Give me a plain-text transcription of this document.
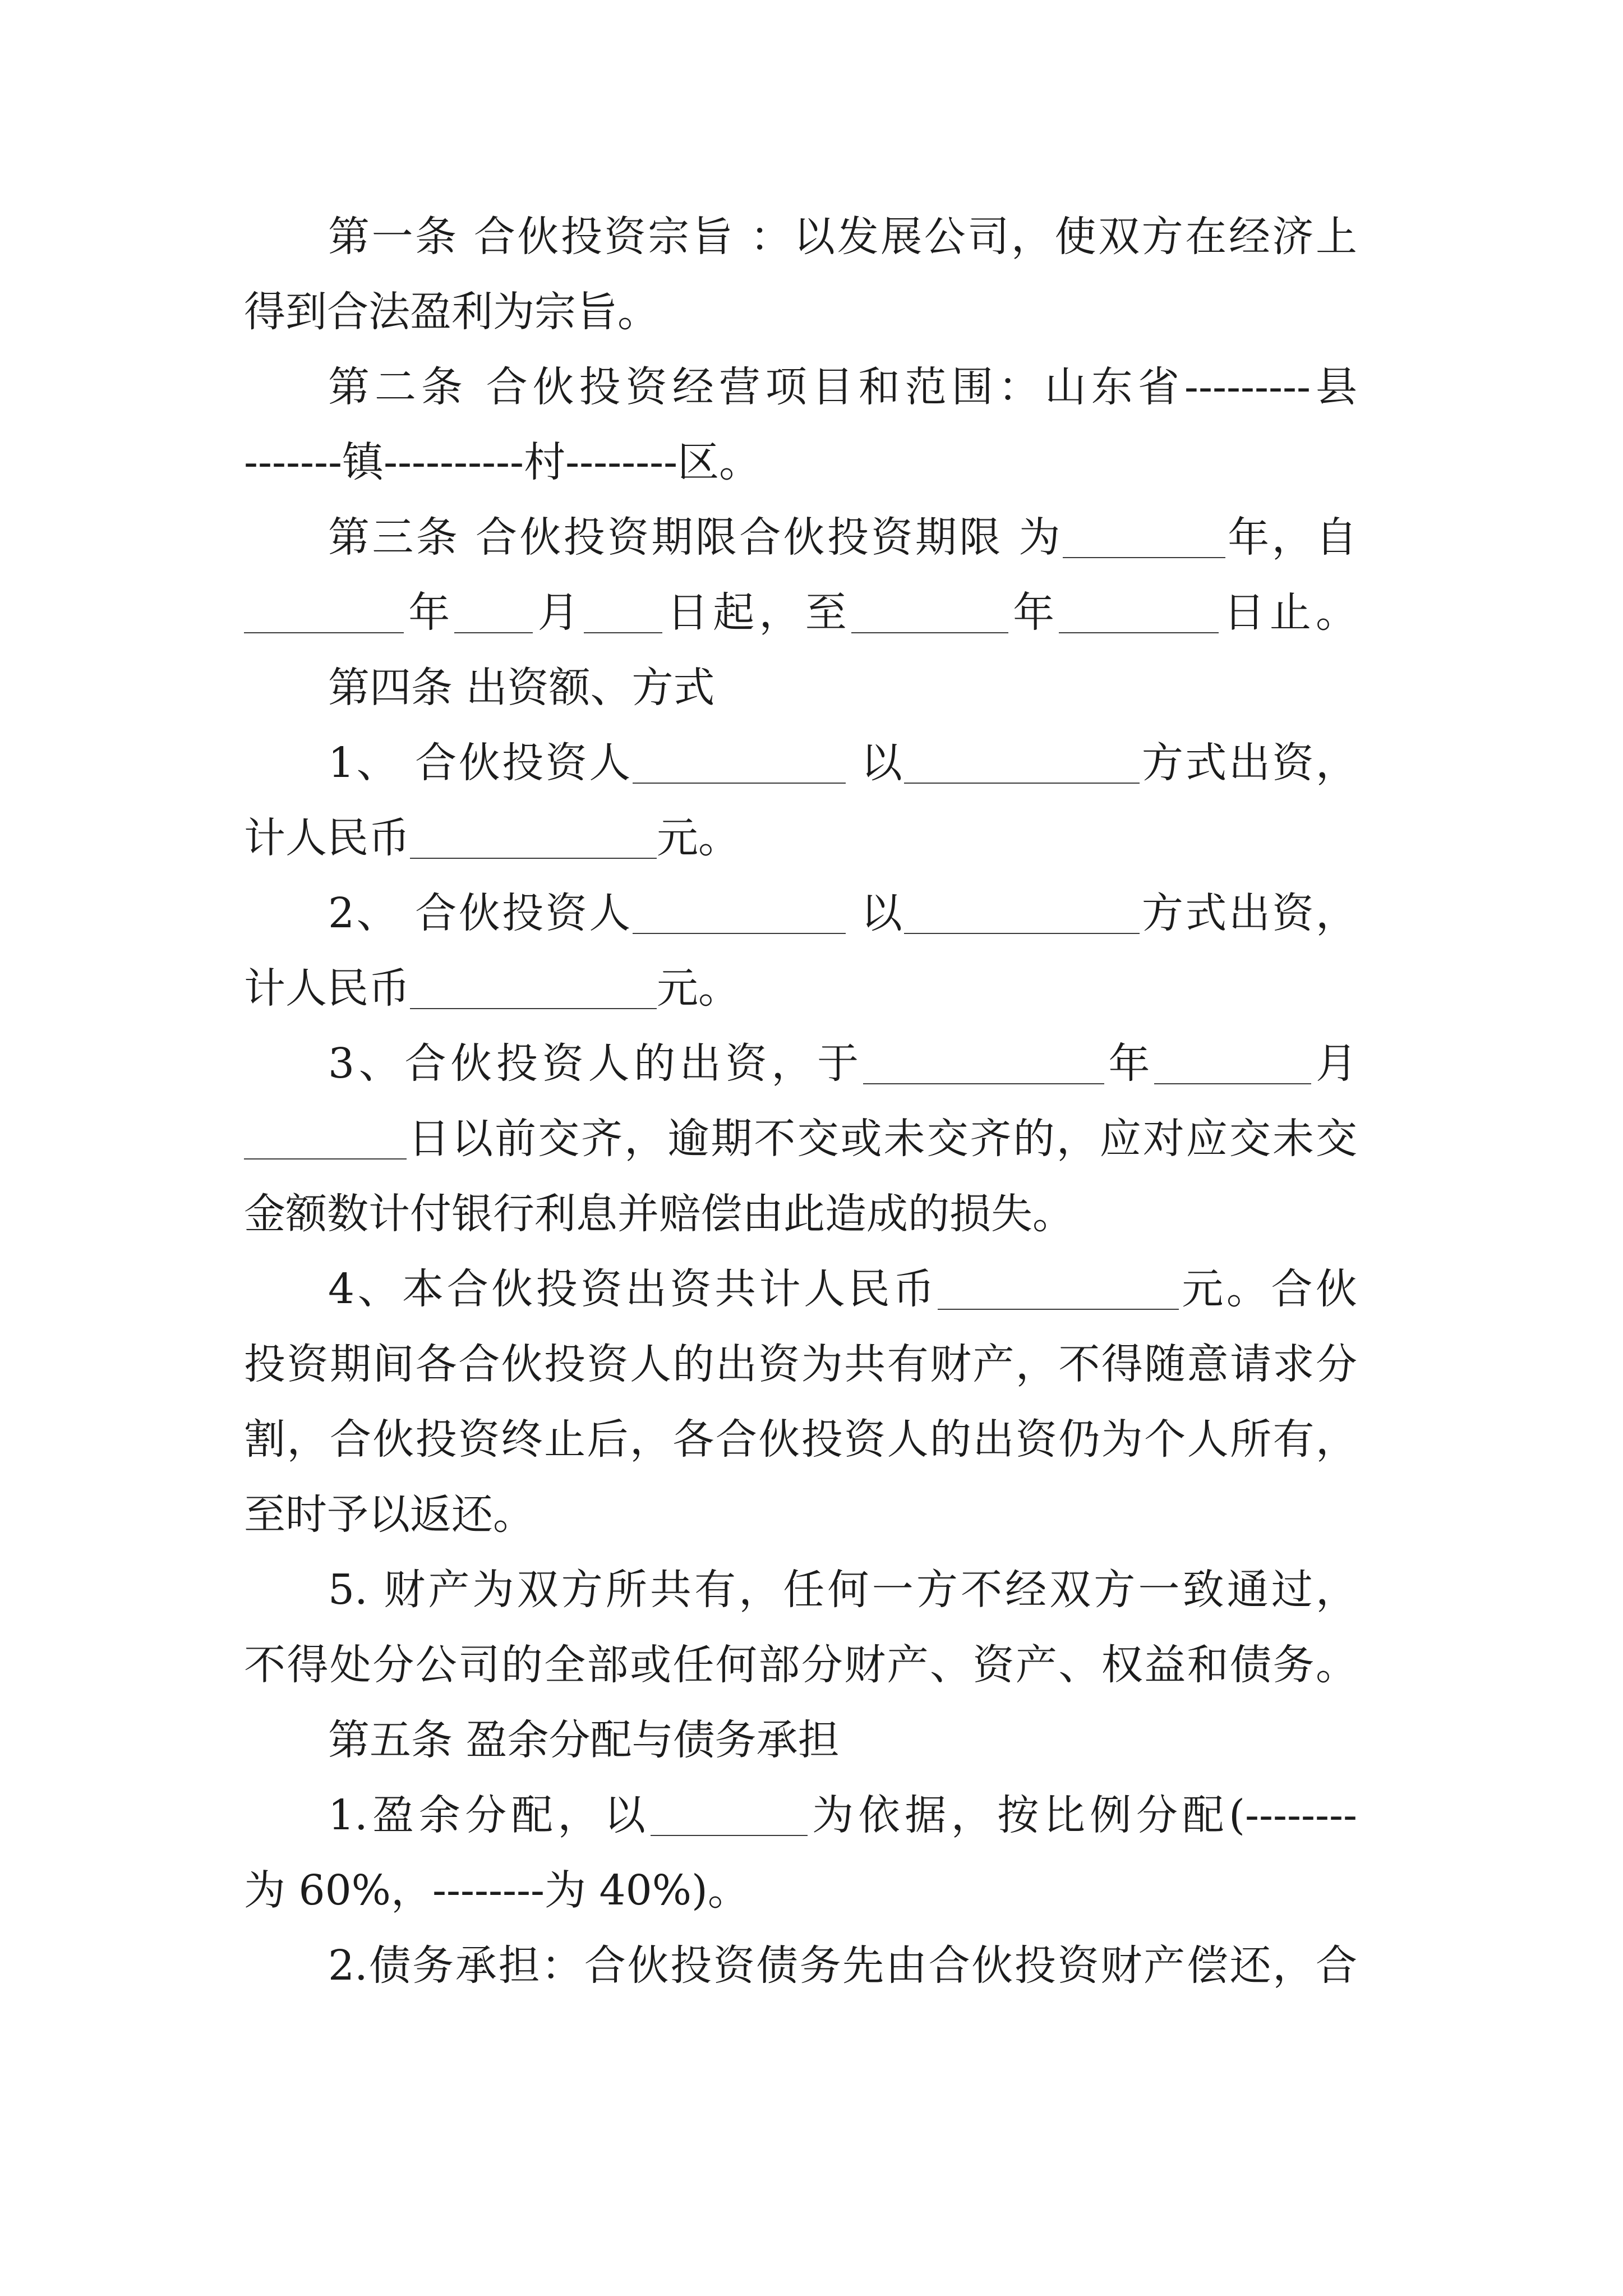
第一条 合伙投资宗旨 ：以发展公司，使双方在经济上
得到合法盈利为宗旨。
第二条 合伙投资经营项目和范围：山东省---------县
-------镇----------村--------区。
第三条 合伙投资期限合伙投资期限 为	年，自
年 月 日起，至	年	日止。
第四条 出资额、方式
1、 合伙投资人	以	方式出资，
计人民币	元。
2、 合伙投资人	以	方式出资，
计人民币	元。
3、合伙投资人的出资，于	年	月
日以前交齐，逾期不交或未交齐的，应对应交未交
金额数计付银行利息并赔偿由此造成的损失。
4、本合伙投资出资共计人民币	元。合伙
投资期间各合伙投资人的出资为共有财产，不得随意请求分
割，合伙投资终止后，各合伙投资人的出资仍为个人所有，
至时予以返还。
5. 财产为双方所共有，任何一方不经双方一致通过，
不得处分公司的全部或任何部分财产、资产、权益和债务。
第五条 盈余分配与债务承担
1.盈余分配，以	为依据，按比例分配(--------
为 60%，--------为 40%)。
2.债务承担：合伙投资债务先由合伙投资财产偿还，合
